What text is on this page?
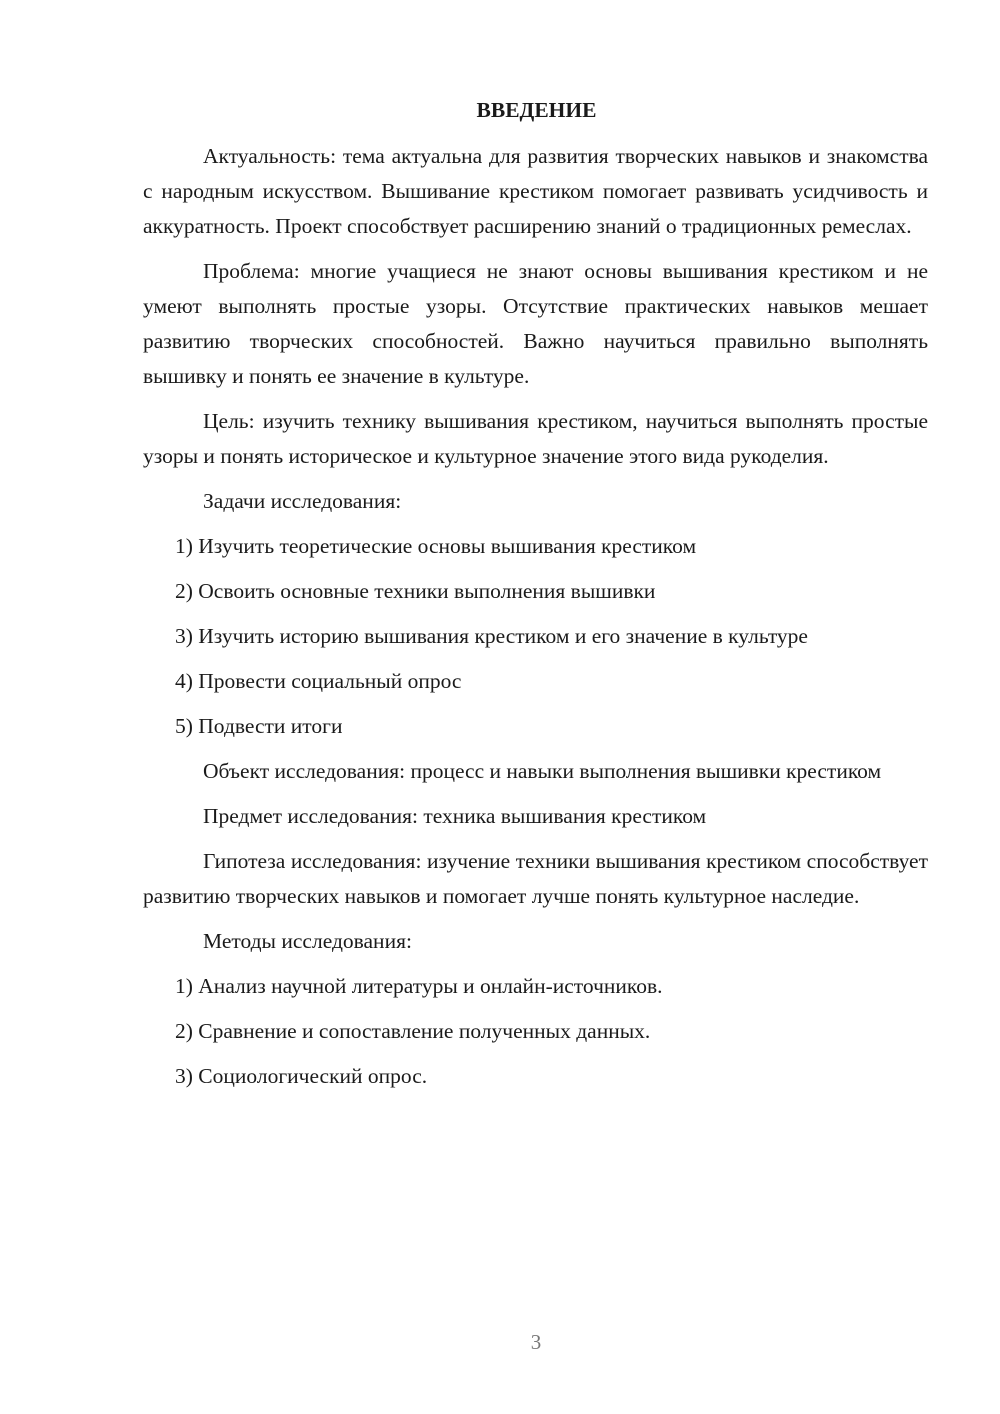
ВВЕДЕНИЕ

Актуальность: тема актуальна для развития творческих навыков и знакомства с народным искусством. Вышивание крестиком помогает развивать усидчивость и аккуратность. Проект способствует расширению знаний о традиционных ремеслах.

Проблема: многие учащиеся не знают основы вышивания крестиком и не умеют выполнять простые узоры. Отсутствие практических навыков мешает развитию творческих способностей. Важно научиться правильно выполнять вышивку и понять ее значение в культуре.

Цель: изучить технику вышивания крестиком, научиться выполнять простые узоры и понять историческое и культурное значение этого вида рукоделия.

Задачи исследования:

1) Изучить теоретические основы вышивания крестиком
2) Освоить основные техники выполнения вышивки
3) Изучить историю вышивания крестиком и его значение в культуре
4) Провести социальный опрос
5) Подвести итоги

Объект исследования: процесс и навыки выполнения вышивки крестиком

Предмет исследования: техника вышивания крестиком

Гипотеза исследования: изучение техники вышивания крестиком способствует развитию творческих навыков и помогает лучше понять культурное наследие.

Методы исследования:

1) Анализ научной литературы и онлайн-источников.
2) Сравнение и сопоставление полученных данных.
3) Социологический опрос.
3
